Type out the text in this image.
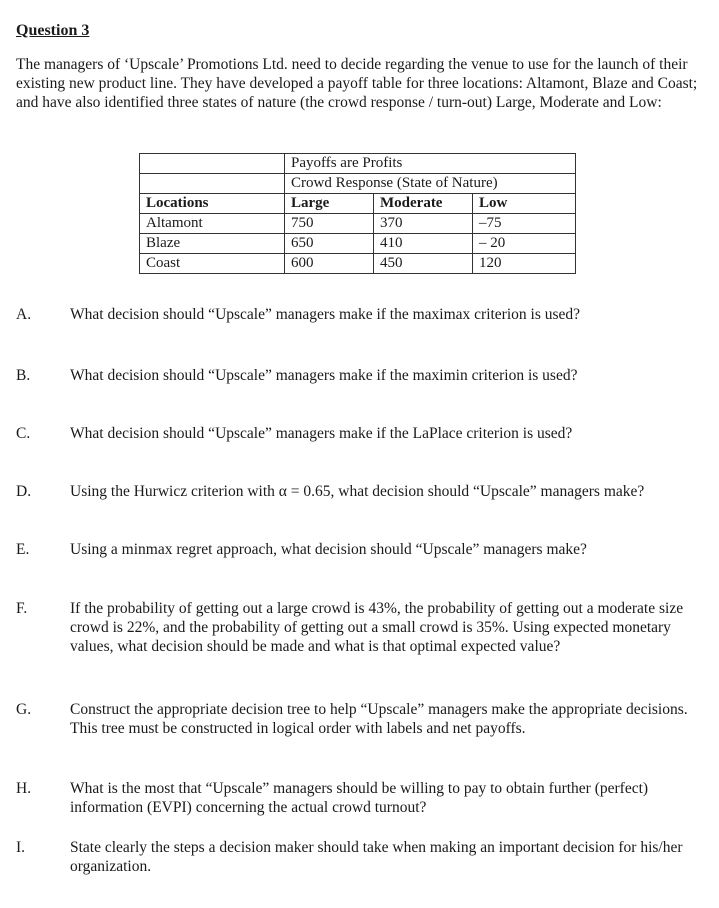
Question 3
The managers of ‘Upscale’ Promotions Ltd. need to decide regarding the venue to use for the launch of their existing new product line. They have developed a payoff table for three locations: Altamont, Blaze and Coast; and have also identified three states of nature (the crowd response / turn-out) Large, Moderate and Low:
	Payoffs are Profits		
	Crowd Response (State of Nature)		
Locations	Large	Moderate	Low
Altamont	750	370	–75
Blaze	650	410	– 20
Coast	600	450	120
A.	What decision should “Upscale” managers make if the maximax criterion is used?
B.	What decision should “Upscale” managers make if the maximin criterion is used?
C.	What decision should “Upscale” managers make if the LaPlace criterion is used?
D.	Using the Hurwicz criterion with α = 0.65, what decision should “Upscale” managers make?
E.	Using a minmax regret approach, what decision should “Upscale” managers make?
F.	If the probability of getting out a large crowd is 43%, the probability of getting out a moderate size crowd is 22%, and the probability of getting out a small crowd is 35%. Using expected monetary values, what decision should be made and what is that optimal expected value?
G.	Construct the appropriate decision tree to help “Upscale” managers make the appropriate decisions. This tree must be constructed in logical order with labels and net payoffs.
H.	What is the most that “Upscale” managers should be willing to pay to obtain further (perfect) information (EVPI) concerning the actual crowd turnout?
I.	State clearly the steps a decision maker should take when making an important decision for his/her organization.
